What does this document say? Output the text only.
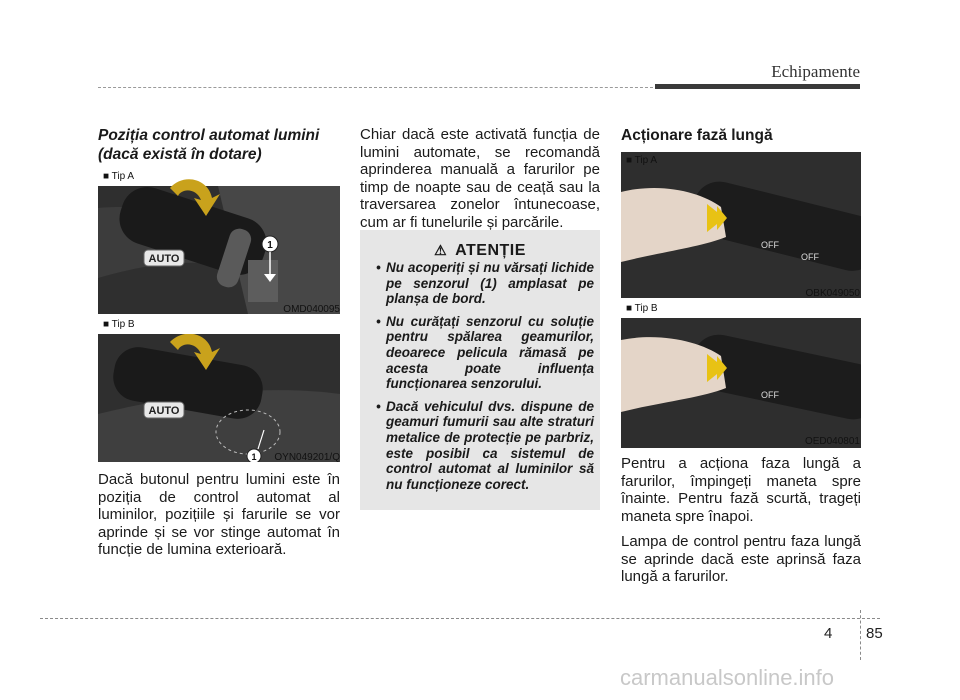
Echipamente
Poziția control automat lumini
(dacă există în dotare)
■ Tip A
AUTO
1
OMD040095
■ Tip B
AUTO
1	OYN049201/Q

Dacă butonul pentru lumini este în poziția de control automat al luminilor, pozițiile și farurile se vor aprinde și se vor stinge automat în funcție de lumina exterioară.

Chiar dacă este activată funcția de lumini automate, se recomandă aprinderea manuală a farurilor pe timp de noapte sau de ceață sau la traversarea zonelor întunecoase, cum ar fi tunelurile și parcările.

⚠ ATENȚIE
• Nu acoperiți și nu vărsați lichide pe senzorul (1) amplasat pe planșa de bord.
• Nu curățați senzorul cu soluție pentru spălarea geamurilor, deoarece pelicula rămasă pe acesta poate influența funcționarea senzorului.
• Dacă vehiculul dvs. dispune de geamuri fumurii sau alte straturi metalice de protecție pe parbriz, este posibil ca sistemul de control automat al luminilor să nu funcționeze corect.
Acționare fază lungă
OFF
OFF
■ Tip A
OBK049050
■ Tip B
OFF
OED040801

Pentru a acționa faza lungă a farurilor, împingeți maneta spre înainte. Pentru fază scurtă, trageți maneta spre înapoi.

Lampa de control pentru faza lungă se aprinde dacă este aprinsă faza lungă a farurilor.

4 85
carmanualsonline.info
